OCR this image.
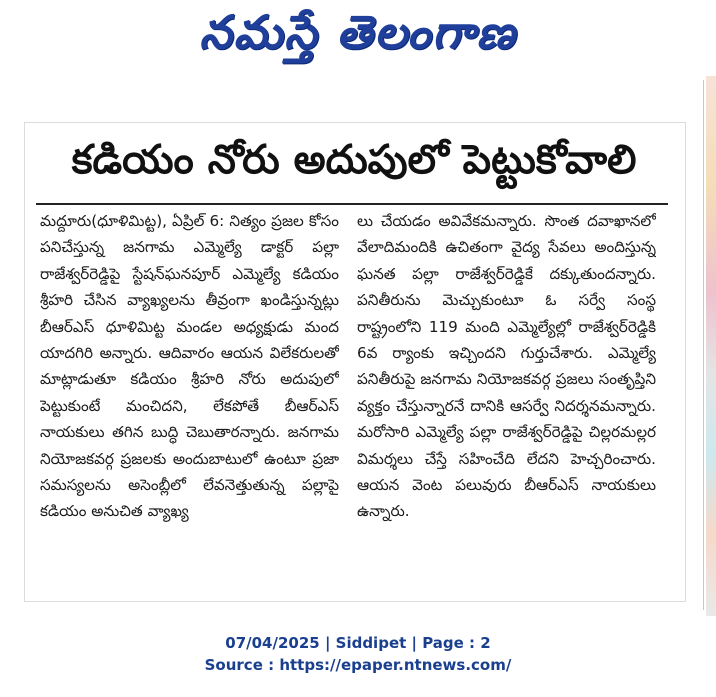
నమస్తే తెలంగాణ
కడియం నోరు అదుపులో పెట్టుకోవాలి
మద్దూరు(ధూళిమిట్ట), ఏప్రిల్ 6: నిత్యం ప్రజల కోసం పనిచేస్తున్న జనగామ ఎమ్మెల్యే డాక్టర్ పల్లా రాజేశ్వర్‌రెడ్డిపై స్టేషన్‌ఘనపూర్ ఎమ్మెల్యే కడియం శ్రీహరి చేసిన వ్యాఖ్యలను తీవ్రంగా ఖండిస్తున్నట్లు బీఆర్‌ఎస్ ధూళిమిట్ట మండల అధ్యక్షుడు మంద యాదగిరి అన్నారు. ఆదివారం ఆయన విలేకరులతో మాట్లాడుతూ కడియం శ్రీహరి నోరు అదుపులో పెట్టుకుంటే మంచిదని, లేకపోతే బీఆర్‌ఎస్ నాయకులు తగిన బుద్ధి చెబుతారన్నారు. జనగామ నియోజకవర్గ ప్రజలకు అందుబాటులో ఉంటూ ప్రజా సమస్యలను అసెంబ్లీలో లేవనెత్తుతున్న పల్లాపై కడియం అనుచిత వ్యాఖ్య
లు చేయడం అవివేకమన్నారు. సొంత దవాఖానలో వేలాదిమందికి ఉచితంగా వైద్య సేవలు అందిస్తున్న ఘనత పల్లా రాజేశ్వర్‌రెడ్డికే దక్కుతుందన్నారు. పనితీరును మెచ్చుకుంటూ ఓ సర్వే సంస్థ రాష్ట్రంలోని 119 మంది ఎమ్మెల్యేల్లో రాజేశ్వర్‌రెడ్డికి 6వ ర్యాంకు ఇచ్చిందని గుర్తుచేశారు. ఎమ్మెల్యే పనితీరుపై జనగామ నియోజకవర్గ ప్రజలు సంతృప్తిని వ్యక్తం చేస్తున్నారనే దానికి ఆసర్వే నిదర్శనమన్నారు. మరోసారి ఎమ్మెల్యే పల్లా రాజేశ్వర్‌రెడ్డిపై చిల్లరమల్లర విమర్శలు చేస్తే సహించేది లేదని హెచ్చరించారు. ఆయన వెంట పలువురు బీఆర్‌ఎస్ నాయకులు ఉన్నారు.
07/04/2025 | Siddipet | Page : 2
Source : https://epaper.ntnews.com/
